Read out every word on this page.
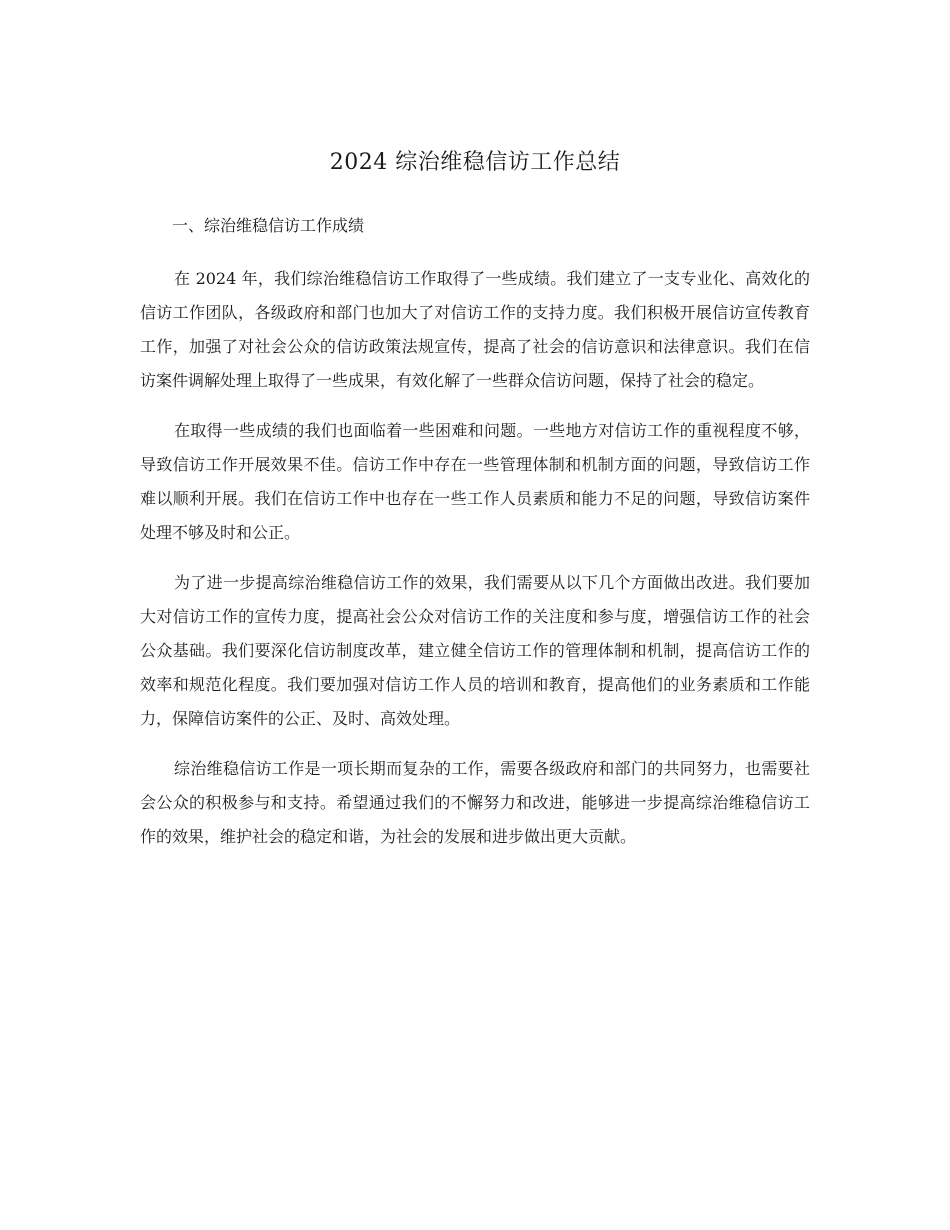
2024 综治维稳信访工作总结
一、综治维稳信访工作成绩

在 2024 年，我们综治维稳信访工作取得了一些成绩。我们建立了一支专业化、高效化的信访工作团队，各级政府和部门也加大了对信访工作的支持力度。我们积极开展信访宣传教育工作，加强了对社会公众的信访政策法规宣传，提高了社会的信访意识和法律意识。我们在信访案件调解处理上取得了一些成果，有效化解了一些群众信访问题，保持了社会的稳定。

在取得一些成绩的我们也面临着一些困难和问题。一些地方对信访工作的重视程度不够，导致信访工作开展效果不佳。信访工作中存在一些管理体制和机制方面的问题，导致信访工作难以顺利开展。我们在信访工作中也存在一些工作人员素质和能力不足的问题，导致信访案件处理不够及时和公正。

为了进一步提高综治维稳信访工作的效果，我们需要从以下几个方面做出改进。我们要加大对信访工作的宣传力度，提高社会公众对信访工作的关注度和参与度，增强信访工作的社会公众基础。我们要深化信访制度改革，建立健全信访工作的管理体制和机制，提高信访工作的效率和规范化程度。我们要加强对信访工作人员的培训和教育，提高他们的业务素质和工作能力，保障信访案件的公正、及时、高效处理。

综治维稳信访工作是一项长期而复杂的工作，需要各级政府和部门的共同努力，也需要社会公众的积极参与和支持。希望通过我们的不懈努力和改进，能够进一步提高综治维稳信访工作的效果，维护社会的稳定和谐，为社会的发展和进步做出更大贡献。
